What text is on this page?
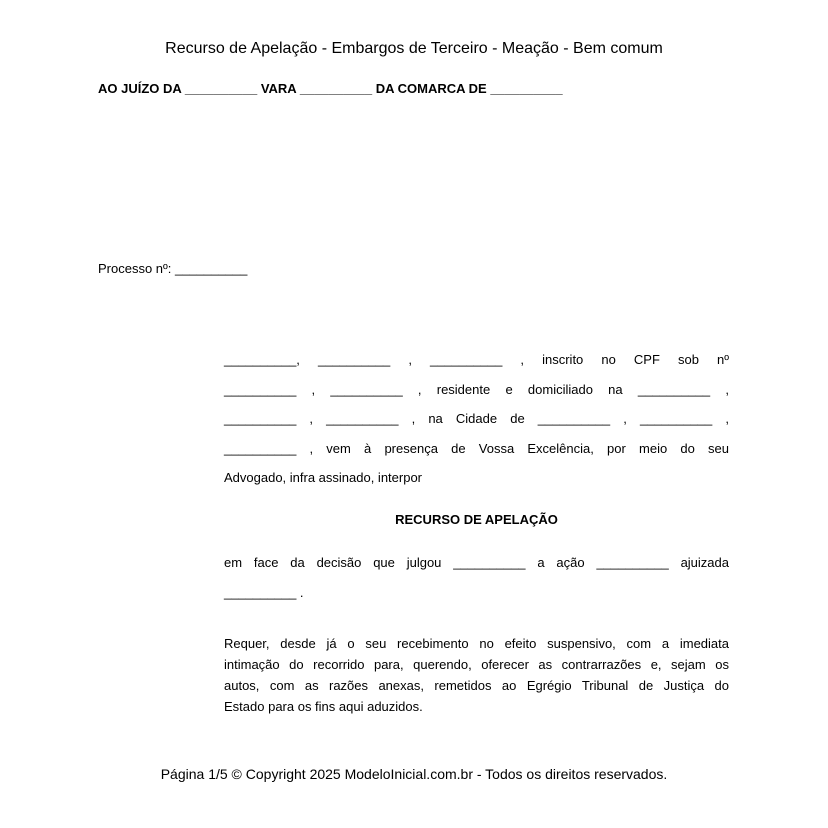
Recurso de Apelação - Embargos de Terceiro - Meação - Bem comum
AO JUÍZO DA __________ VARA __________ DA COMARCA DE __________
Processo nº: __________
__________, __________ , __________ , inscrito no CPF sob nº
__________ , __________ , residente e domiciliado na __________ ,
__________ , __________ , na Cidade de __________ , __________ ,
__________ , vem à presença de Vossa Excelência, por meio do seu
Advogado, infra assinado, interpor
RECURSO DE APELAÇÃO
em face da decisão que julgou __________ a ação __________ ajuizada
__________ .
Requer, desde já o seu recebimento no efeito suspensivo, com a imediata
intimação do recorrido para, querendo, oferecer as contrarrazões e, sejam os
autos, com as razões anexas, remetidos ao Egrégio Tribunal de Justiça do
Estado para os fins aqui aduzidos.
Página 1/5 © Copyright 2025 ModeloInicial.com.br - Todos os direitos reservados.
